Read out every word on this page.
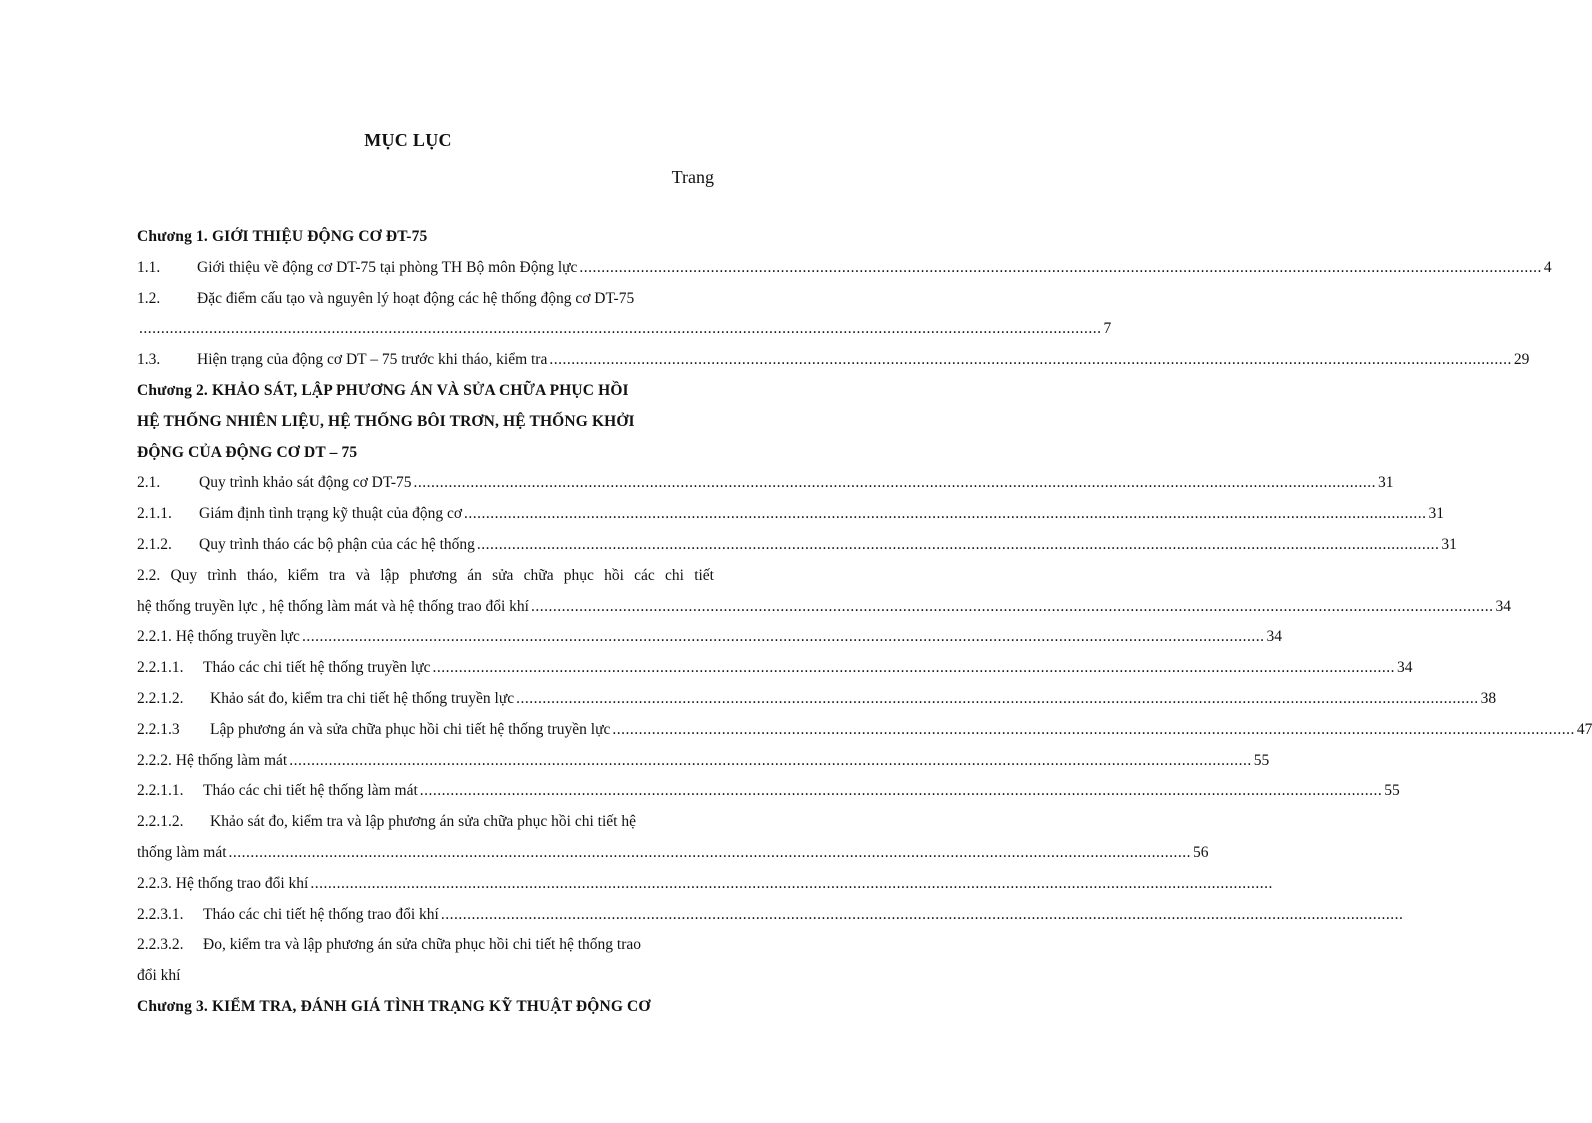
MỤC LỤC
Trang
Chương 1. GIỚI THIỆU ĐỘNG CƠ ĐT-75
1.1. Giới thiệu về động cơ DT-75 tại phòng TH Bộ môn Động lực ............................................................................................................................................................................................................................ 4
1.2. Đặc điểm cấu tạo và nguyên lý hoạt động các hệ thống động cơ DT-75
............................................................................................................................................................................................................................ 7
1.3. Hiện trạng của động cơ DT – 75 trước khi tháo, kiểm tra ............................................................................................................................................................................................................................ 29
Chương 2. KHẢO SÁT, LẬP PHƯƠNG ÁN VÀ SỬA CHỮA PHỤC HỒI
HỆ THỐNG NHIÊN LIỆU, HỆ THỐNG BÔI TRƠN, HỆ THỐNG KHỞI
ĐỘNG CỦA ĐỘNG CƠ DT – 75
2.1.	Quy trình khảo sát động cơ DT-75 ............................................................................................................................................................................................................................ 31
2.1.1. Giám định tình trạng kỹ thuật của động cơ ............................................................................................................................................................................................................................ 31
2.1.2. Quy trình tháo các bộ phận của các hệ thống ............................................................................................................................................................................................................................ 31
2.2. Quy trình tháo, kiểm tra và lập phương án sửa chữa phục hồi các chi tiết
hệ thống truyền lực , hệ thống làm mát và hệ thống trao đổi khí ............................................................................................................................................................................................................................ 34
2.2.1. Hệ thống truyền lực ............................................................................................................................................................................................................................ 34
2.2.1.1. Tháo các chi tiết hệ thống truyền lực ............................................................................................................................................................................................................................ 34
2.2.1.2. Khảo sát đo, kiểm tra chi tiết hệ thống truyền lực ............................................................................................................................................................................................................................ 38
2.2.1.3 Lập phương án và sửa chữa phục hồi chi tiết hệ thống truyền lực ............................................................................................................................................................................................................................ 47
2.2.2. Hệ thống làm mát ............................................................................................................................................................................................................................ 55
2.2.1.1. Tháo các chi tiết hệ thống làm mát ............................................................................................................................................................................................................................ 55
2.2.1.2. Khảo sát đo, kiểm tra và lập phương án sửa chữa phục hồi chi tiết hệ
thống làm mát ............................................................................................................................................................................................................................ 56
2.2.3. Hệ thống trao đổi khí ............................................................................................................................................................................................................................
2.2.3.1. Tháo các chi tiết hệ thống trao đổi khí ............................................................................................................................................................................................................................
2.2.3.2. Đo, kiểm tra và lập phương án sửa chữa phục hồi chi tiết hệ thống trao
đổi khí
Chương 3. KIỂM TRA, ĐÁNH GIÁ TÌNH TRẠNG KỸ THUẬT ĐỘNG CƠ
